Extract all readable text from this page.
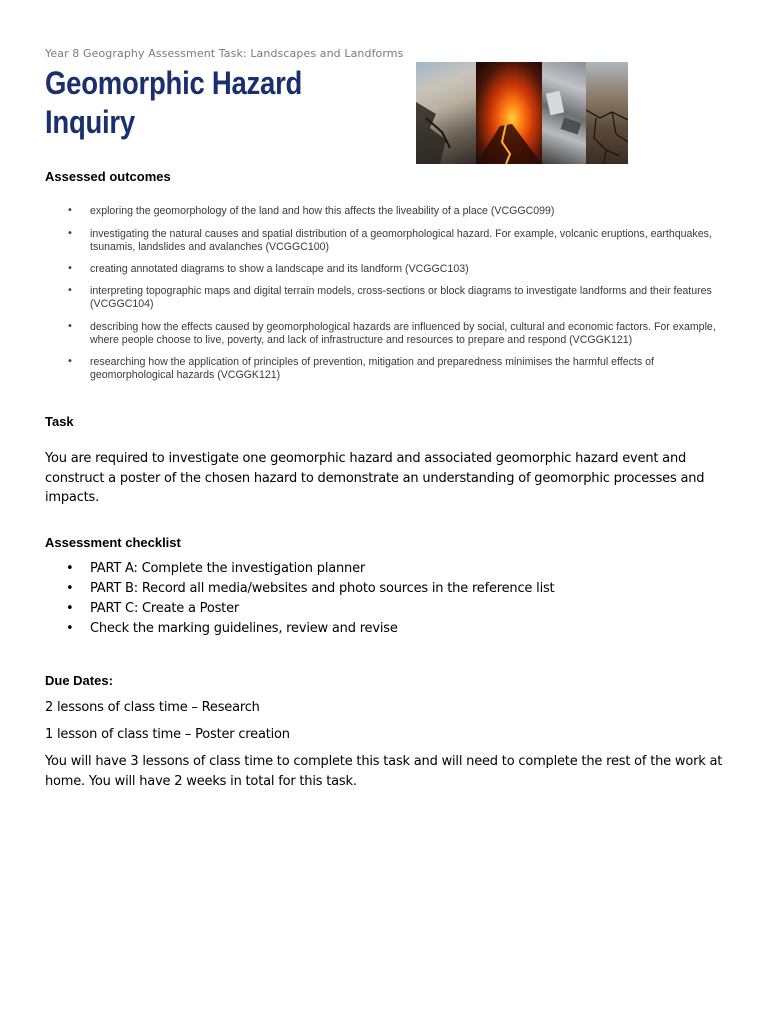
Year 8 Geography Assessment Task: Landscapes and Landforms
Geomorphic Hazard Inquiry
Assessed outcomes
• exploring the geomorphology of the land and how this affects the liveability of a place (VCGGC099)
• investigating the natural causes and spatial distribution of a geomorphological hazard. For example, volcanic eruptions, earthquakes, tsunamis, landslides and avalanches (VCGGC100)
• creating annotated diagrams to show a landscape and its landform (VCGGC103)
• interpreting topographic maps and digital terrain models, cross-sections or block diagrams to investigate landforms and their features (VCGGC104)
• describing how the effects caused by geomorphological hazards are influenced by social, cultural and economic factors. For example, where people choose to live, poverty, and lack of infrastructure and resources to prepare and respond (VCGGK121)
• researching how the application of principles of prevention, mitigation and preparedness minimises the harmful effects of geomorphological hazards (VCGGK121)
Task
You are required to investigate one geomorphic hazard and associated geomorphic hazard event and construct a poster of the chosen hazard to demonstrate an understanding of geomorphic processes and impacts.
Assessment checklist
• PART A: Complete the investigation planner
• PART B: Record all media/websites and photo sources in the reference list
• PART C: Create a Poster
• Check the marking guidelines, review and revise
Due Dates:
2 lessons of class time – Research
1 lesson of class time – Poster creation
You will have 3 lessons of class time to complete this task and will need to complete the rest of the work at home. You will have 2 weeks in total for this task.
